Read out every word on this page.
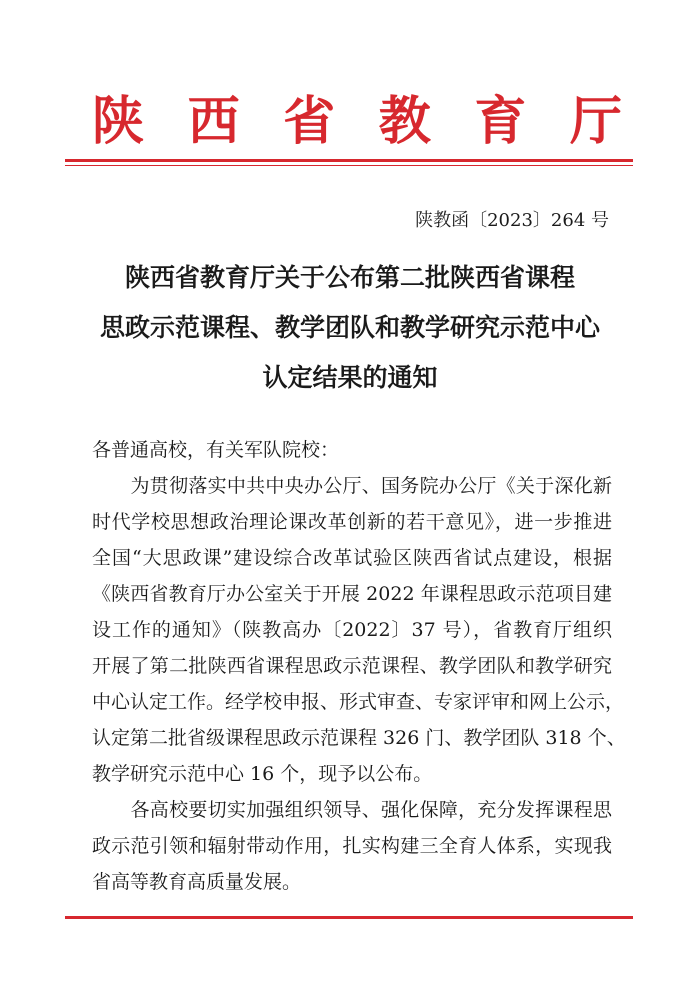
陕 西 省 教 育 厅
陕教函〔2023〕264 号
陕西省教育厅关于公布第二批陕西省课程
思政示范课程、教学团队和教学研究示范中心
认定结果的通知
各普通高校，有关军队院校：
　　为贯彻落实中共中央办公厅、国务院办公厅《关于深化新
时代学校思想政治理论课改革创新的若干意见》，进一步推进
全国“大思政课”建设综合改革试验区陕西省试点建设，根据
《陕西省教育厅办公室关于开展 2022 年课程思政示范项目建
设工作的通知》（陕教高办〔2022〕37 号），省教育厅组织
开展了第二批陕西省课程思政示范课程、教学团队和教学研究
中心认定工作。经学校申报、形式审查、专家评审和网上公示，
认定第二批省级课程思政示范课程 326 门、教学团队 318 个、
教学研究示范中心 16 个，现予以公布。
　　各高校要切实加强组织领导、强化保障，充分发挥课程思
政示范引领和辐射带动作用，扎实构建三全育人体系，实现我
省高等教育高质量发展。
